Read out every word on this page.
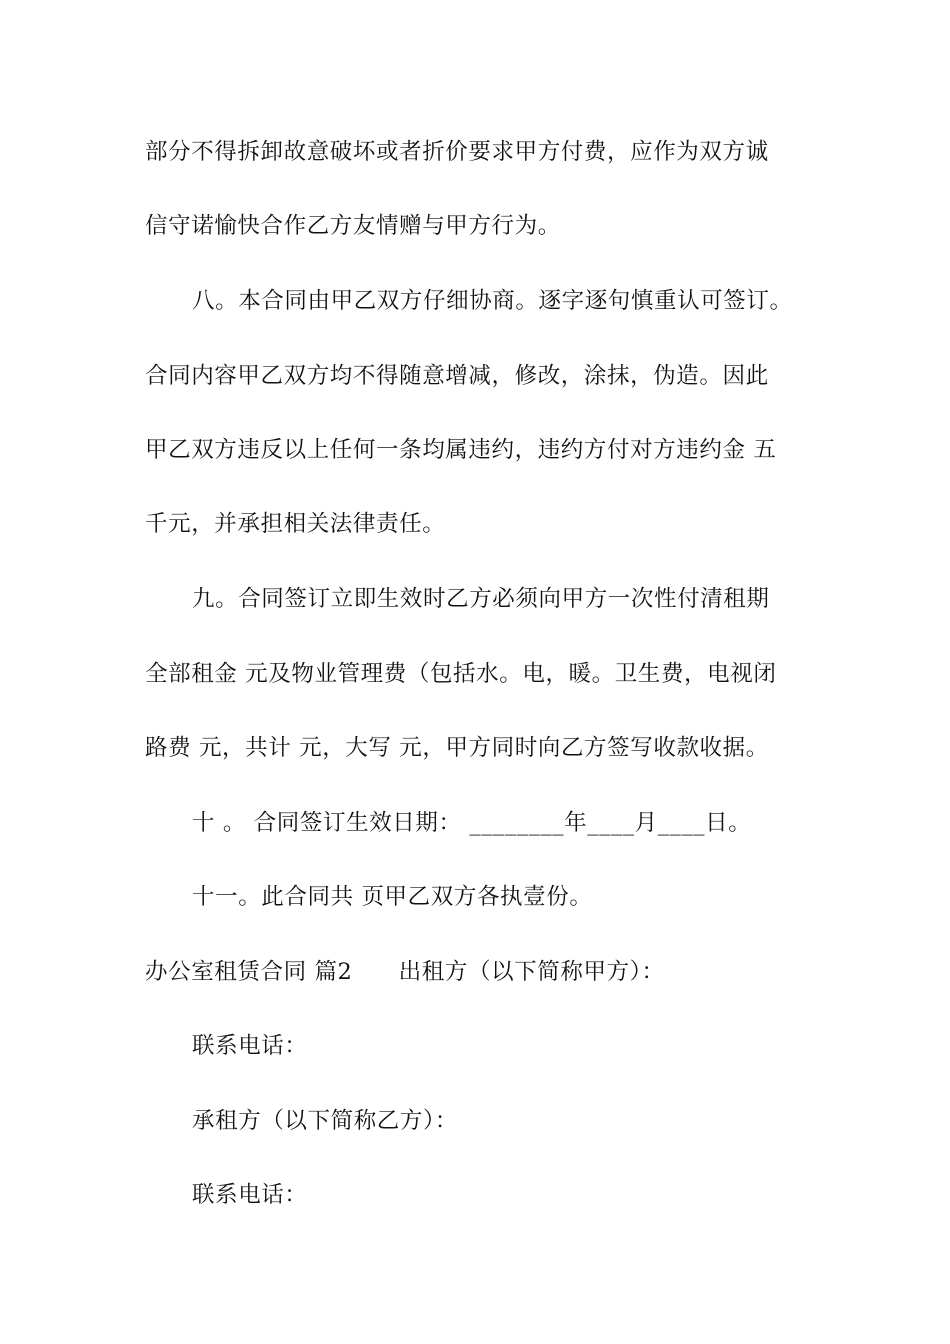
部分不得拆卸故意破坏或者折价要求甲方付费，应作为双方诚
信守诺愉快合作乙方友情赠与甲方行为。
八。本合同由甲乙双方仔细协商。逐字逐句慎重认可签订。
合同内容甲乙双方均不得随意增减，修改，涂抹，伪造。因此
甲乙双方违反以上任何一条均属违约，违约方付对方违约金 五
千元，并承担相关法律责任。
九。合同签订立即生效时乙方必须向甲方一次性付清租期
全部租金 元及物业管理费（包括水。电，暖。卫生费，电视闭
路费 元，共计 元，大写 元，甲方同时向乙方签写收款收据。
十 。 合同签订生效日期： ________年____月____日。
十一。此合同共 页甲乙双方各执壹份。
办公室租赁合同 篇2　　出租方（以下简称甲方）：
联系电话：
承租方（以下简称乙方）：
联系电话：
